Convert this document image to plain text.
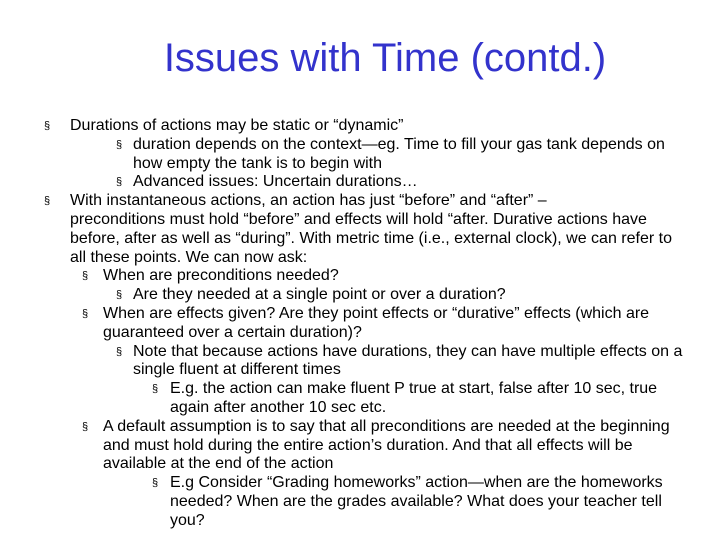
Issues with Time (contd.)
§ Durations of actions may be static or “dynamic”
§ duration depends on the context—eg. Time to fill your gas tank depends on how empty the tank is to begin with
§ Advanced issues: Uncertain durations…
§	With instantaneous actions, an action has just “before” and “after” –
preconditions must hold “before” and effects will hold “after. Durative actions have before, after as well as “during”. With metric time (i.e., external clock), we can refer to all these points. We can now ask:
§ When are preconditions needed?
§ Are they needed at a single point or over a duration?
§ When are effects given? Are they point effects or “durative” effects (which are guaranteed over a certain duration)?
§ Note that because actions have durations, they can have multiple effects on a single fluent at different times
§ E.g. the action can make fluent P true at start, false after 10 sec, true again after another 10 sec etc.
§ A default assumption is to say that all preconditions are needed at the beginning and must hold during the entire action’s duration. And that all effects will be available at the end of the action
§ E.g Consider “Grading homeworks” action—when are the homeworks needed? When are the grades available? What does your teacher tell you?
